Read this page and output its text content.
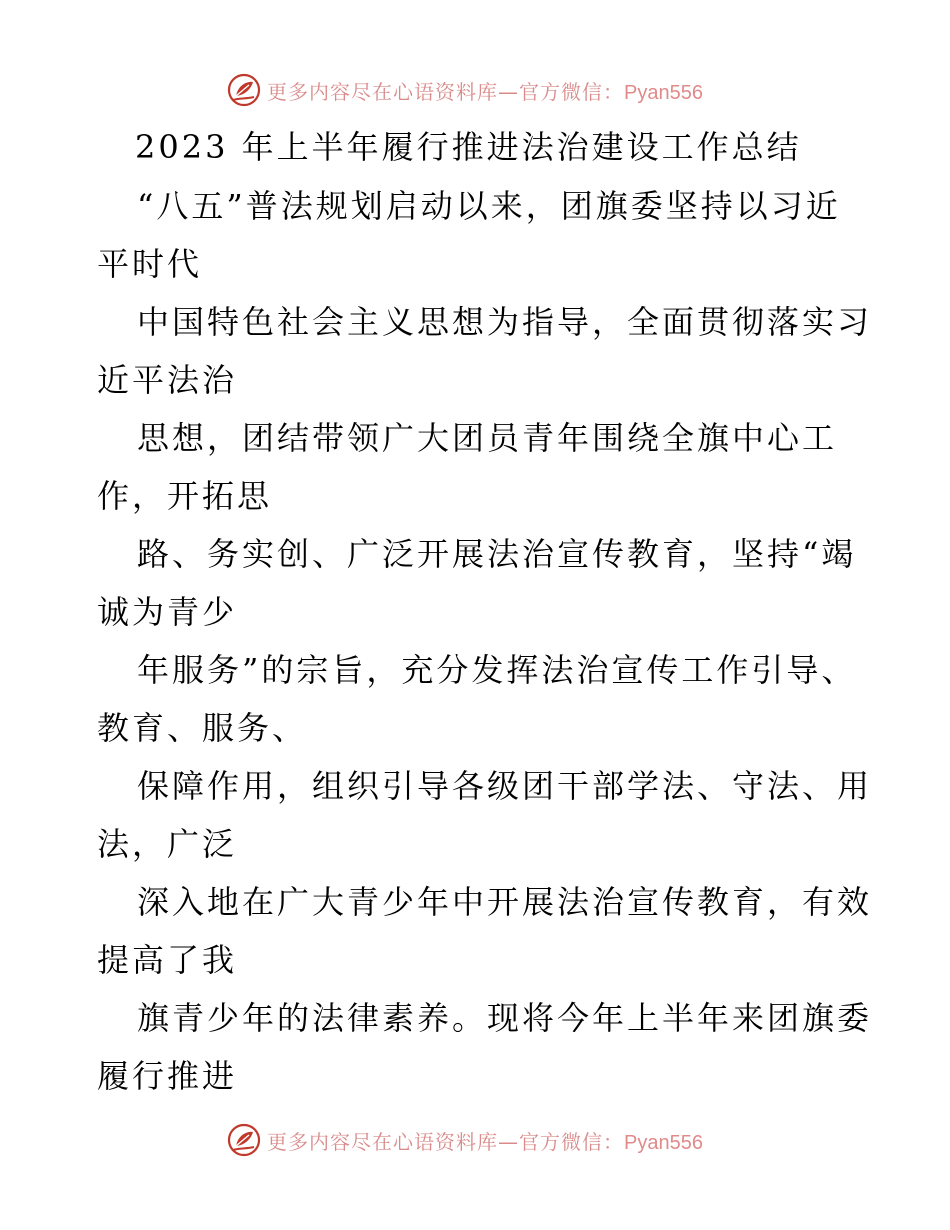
更多内容尽在心语资料库—官方微信：Pyan556
2023 年上半年履行推进法治建设工作总结
“八五”普法规划启动以来，团旗委坚持以习近
平时代
中国特色社会主义思想为指导，全面贯彻落实习
近平法治
思想，团结带领广大团员青年围绕全旗中心工
作，开拓思
路、务实创、广泛开展法治宣传教育，坚持“竭
诚为青少
年服务”的宗旨，充分发挥法治宣传工作引导、
教育、服务、
保障作用，组织引导各级团干部学法、守法、用
法，广泛
深入地在广大青少年中开展法治宣传教育，有效
提高了我
旗青少年的法律素养。现将今年上半年来团旗委
履行推进
更多内容尽在心语资料库—官方微信：Pyan556
